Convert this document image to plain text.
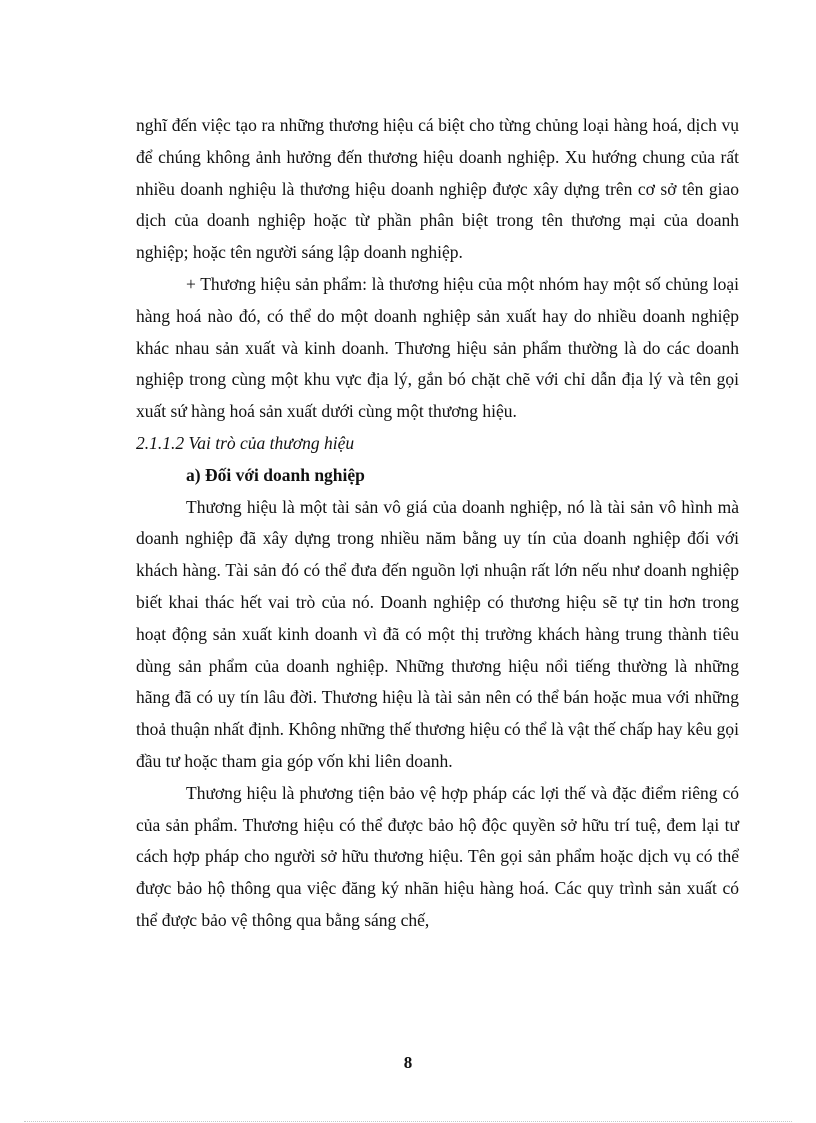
nghĩ đến việc tạo ra những thương hiệu cá biệt cho từng chủng loại hàng hoá, dịch vụ để chúng không ảnh hưởng đến thương hiệu doanh nghiệp. Xu hướng chung của rất nhiều doanh nghiệu là thương hiệu doanh nghiệp được xây dựng trên cơ sở tên giao dịch của doanh nghiệp hoặc từ phần phân biệt trong tên thương mại của doanh nghiệp; hoặc tên người sáng lập doanh nghiệp.

+ Thương hiệu sản phẩm: là thương hiệu của một nhóm hay một số chủng loại hàng hoá nào đó, có thể do một doanh nghiệp sản xuất hay do nhiều doanh nghiệp khác nhau sản xuất và kinh doanh. Thương hiệu sản phẩm thường là do các doanh nghiệp trong cùng một khu vực địa lý, gắn bó chặt chẽ với chỉ dẫn địa lý và tên gọi xuất sứ hàng hoá sản xuất dưới cùng một thương hiệu.

2.1.1.2 Vai trò của thương hiệu

a) Đối với doanh nghiệp

Thương hiệu là một tài sản vô giá của doanh nghiệp, nó là tài sản vô hình mà doanh nghiệp đã xây dựng trong nhiều năm bằng uy tín của doanh nghiệp đối với khách hàng. Tài sản đó có thể đưa đến nguồn lợi nhuận rất lớn nếu như doanh nghiệp biết khai thác hết vai trò của nó. Doanh nghiệp có thương hiệu sẽ tự tin hơn trong hoạt động sản xuất kinh doanh vì đã có một thị trường khách hàng trung thành tiêu dùng sản phẩm của doanh nghiệp. Những thương hiệu nổi tiếng thường là những hãng đã có uy tín lâu đời. Thương hiệu là tài sản nên có thể bán hoặc mua với những thoả thuận nhất định. Không những thế thương hiệu có thể là vật thế chấp hay kêu gọi đầu tư hoặc tham gia góp vốn khi liên doanh.

Thương hiệu là phương tiện bảo vệ hợp pháp các lợi thế và đặc điểm riêng có của sản phẩm. Thương hiệu có thể được bảo hộ độc quyền sở hữu trí tuệ, đem lại tư cách hợp pháp cho người sở hữu thương hiệu. Tên gọi sản phẩm hoặc dịch vụ có thể được bảo hộ thông qua việc đăng ký nhãn hiệu hàng hoá. Các quy trình sản xuất có thể được bảo vệ thông qua bằng sáng chế,

8
